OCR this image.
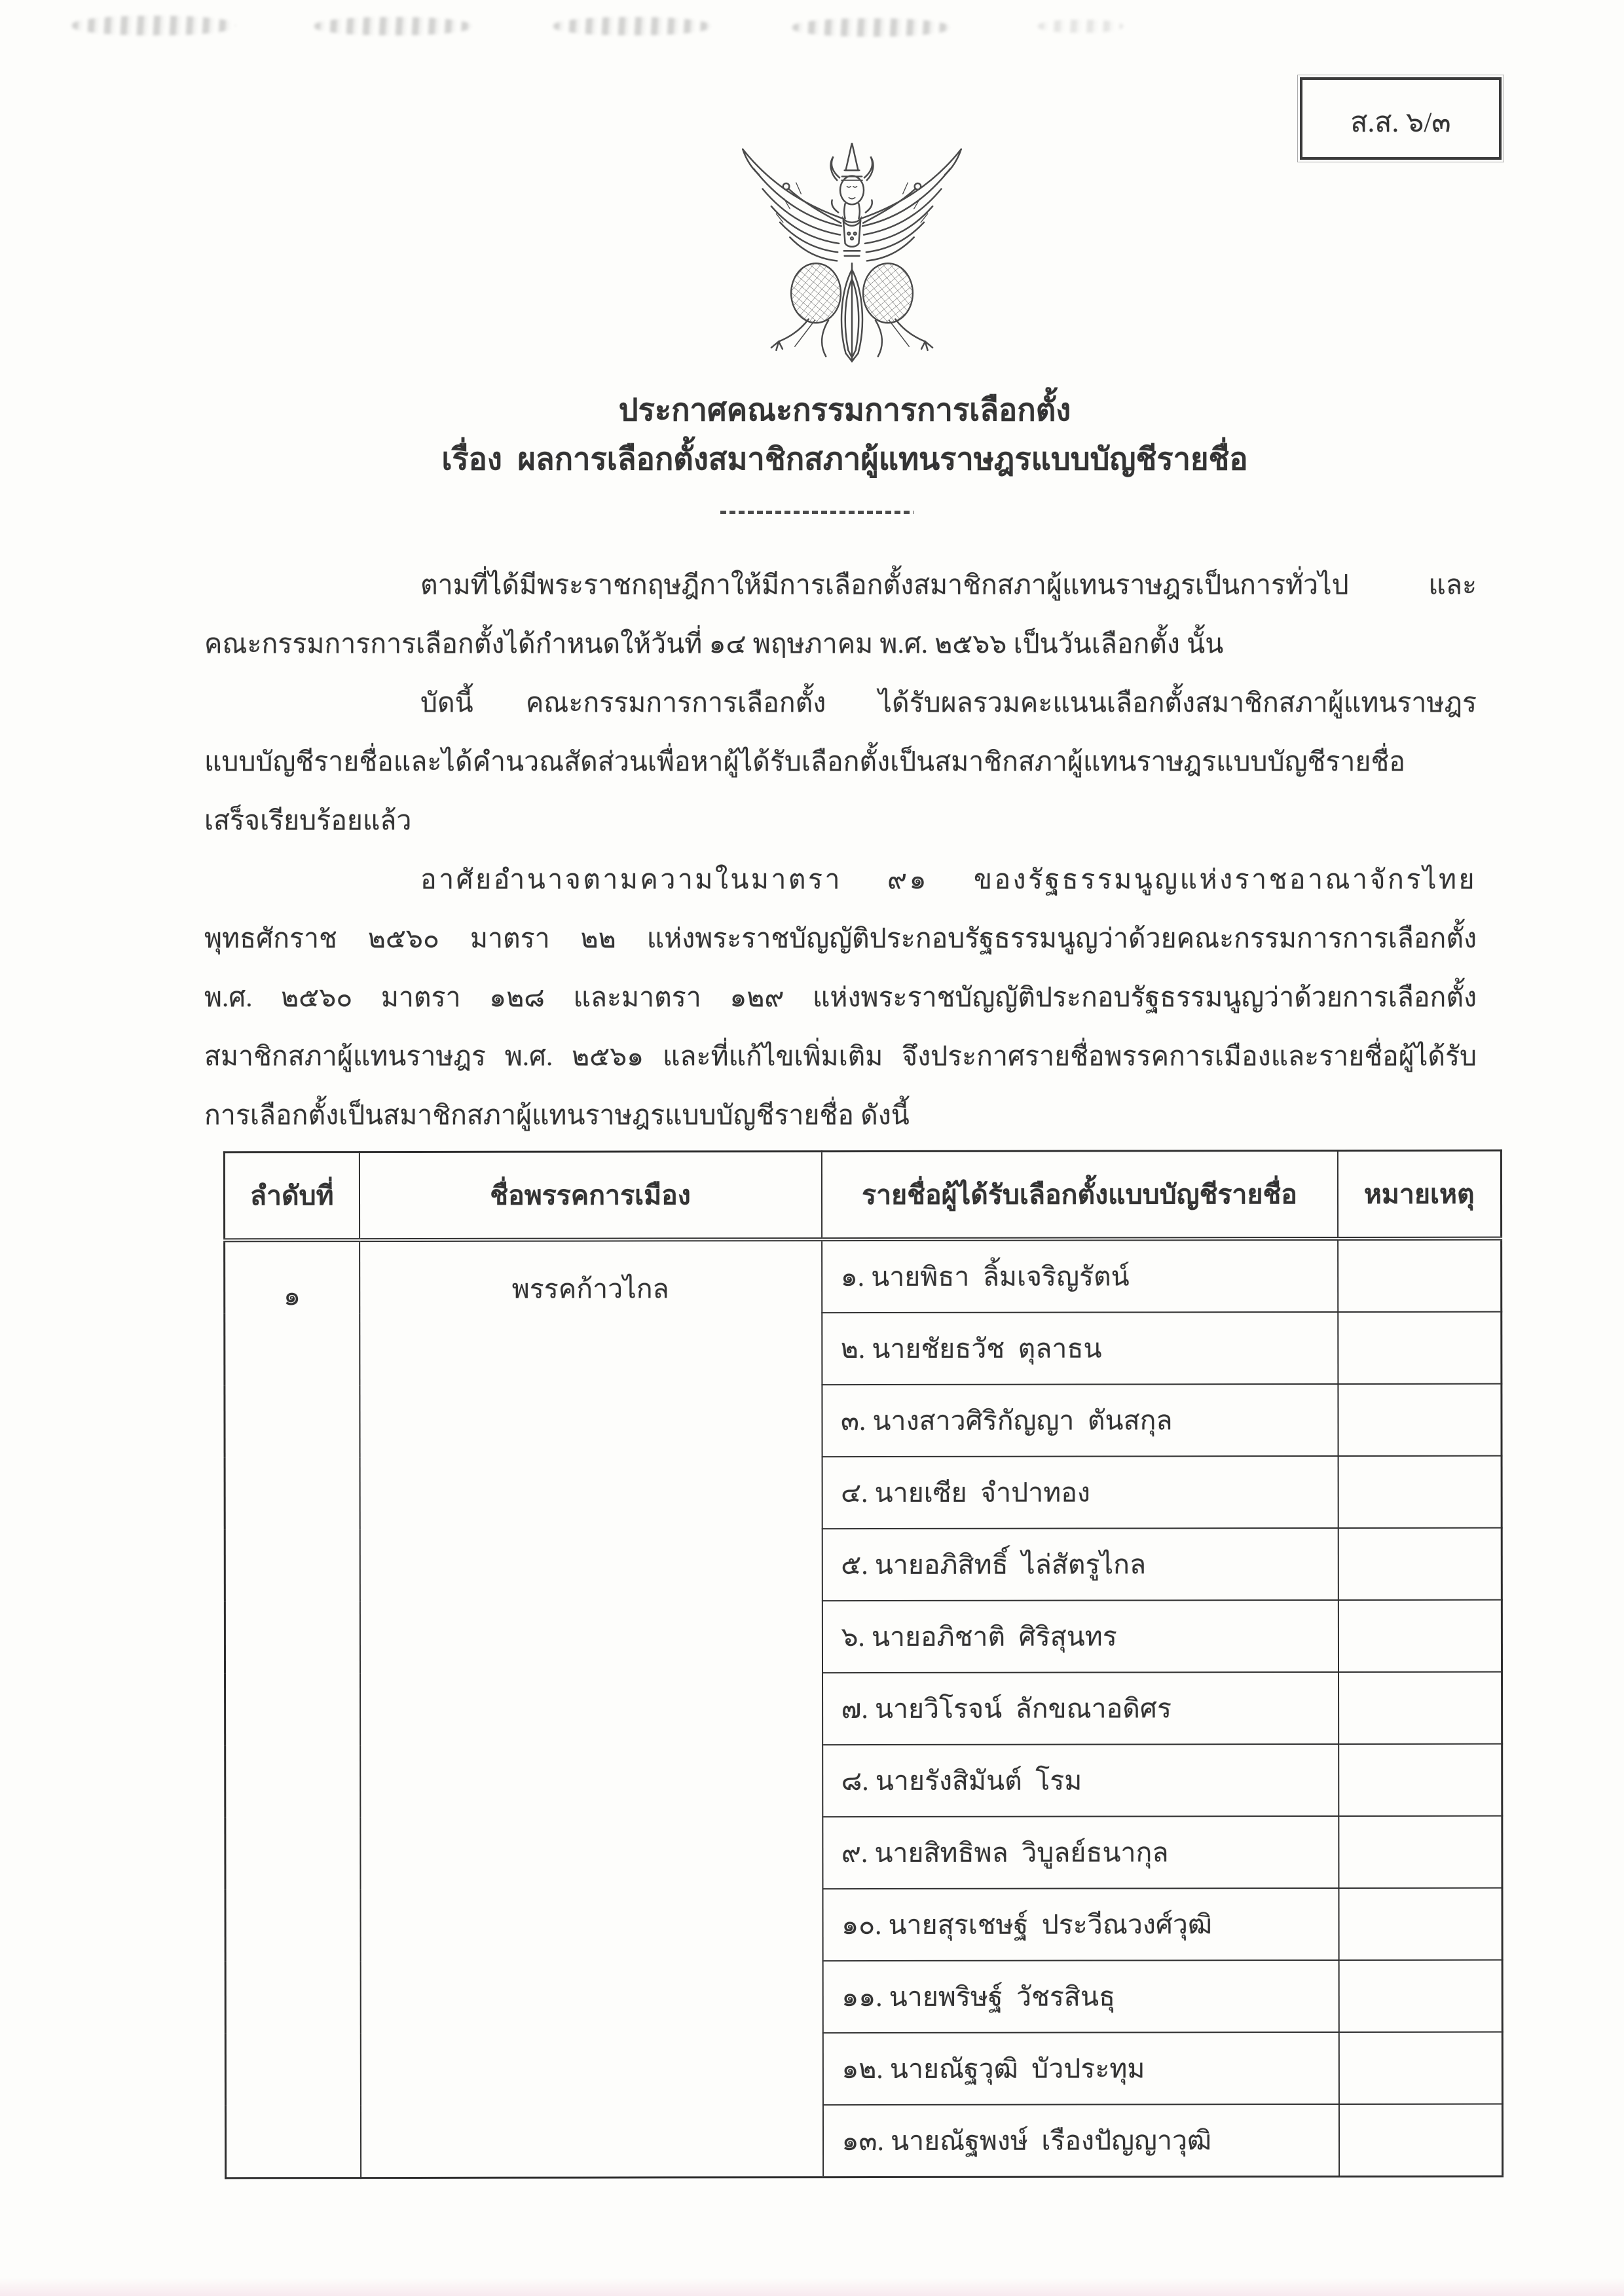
ส.ส. ๖/๓
ประกาศคณะกรรมการการเลือกตั้ง
เรื่อง  ผลการเลือกตั้งสมาชิกสภาผู้แทนราษฎรแบบบัญชีรายชื่อ
ตามที่ได้มีพระราชกฤษฎีกาให้มีการเลือกตั้งสมาชิกสภาผู้แทนราษฎรเป็นการทั่วไป และ
คณะกรรมการการเลือกตั้งได้กำหนดให้วันที่ ๑๔ พฤษภาคม พ.ศ. ๒๕๖๖ เป็นวันเลือกตั้ง นั้น
บัดนี้ คณะกรรมการการเลือกตั้ง ได้รับผลรวมคะแนนเลือกตั้งสมาชิกสภาผู้แทนราษฎร
แบบบัญชีรายชื่อและได้คำนวณสัดส่วนเพื่อหาผู้ได้รับเลือกตั้งเป็นสมาชิกสภาผู้แทนราษฎรแบบบัญชีรายชื่อ
เสร็จเรียบร้อยแล้ว
อาศัยอำนาจตามความในมาตรา ๙๑ ของรัฐธรรมนูญแห่งราชอาณาจักรไทย
พุทธศักราช ๒๕๖๐ มาตรา ๒๒ แห่งพระราชบัญญัติประกอบรัฐธรรมนูญว่าด้วยคณะกรรมการการเลือกตั้ง
พ.ศ. ๒๕๖๐ มาตรา ๑๒๘ และมาตรา ๑๒๙ แห่งพระราชบัญญัติประกอบรัฐธรรมนูญว่าด้วยการเลือกตั้ง
สมาชิกสภาผู้แทนราษฎร พ.ศ. ๒๕๖๑ และที่แก้ไขเพิ่มเติม จึงประกาศรายชื่อพรรคการเมืองและรายชื่อผู้ได้รับ
การเลือกตั้งเป็นสมาชิกสภาผู้แทนราษฎรแบบบัญชีรายชื่อ ดังนี้
ลำดับที่	ชื่อพรรคการเมือง	รายชื่อผู้ได้รับเลือกตั้งแบบบัญชีรายชื่อ	หมายเหตุ
๑	พรรคก้าวไกล	๑. นายพิธา  ลิ้มเจริญรัตน์	
		๒. นายชัยธวัช  ตุลาธน	
		๓. นางสาวศิริกัญญา  ตันสกุล	
		๔. นายเซีย  จำปาทอง	
		๕. นายอภิสิทธิ์  ไล่สัตรูไกล	
		๖. นายอภิชาติ  ศิริสุนทร	
		๗. นายวิโรจน์  ลักขณาอดิศร	
		๘. นายรังสิมันต์  โรม	
		๙. นายสิทธิพล  วิบูลย์ธนากุล	
		๑๐. นายสุรเชษฐ์  ประวีณวงศ์วุฒิ	
		๑๑. นายพริษฐ์  วัชรสินธุ	
		๑๒. นายณัฐวุฒิ  บัวประทุม	
		๑๓. นายณัฐพงษ์  เรืองปัญญาวุฒิ	
